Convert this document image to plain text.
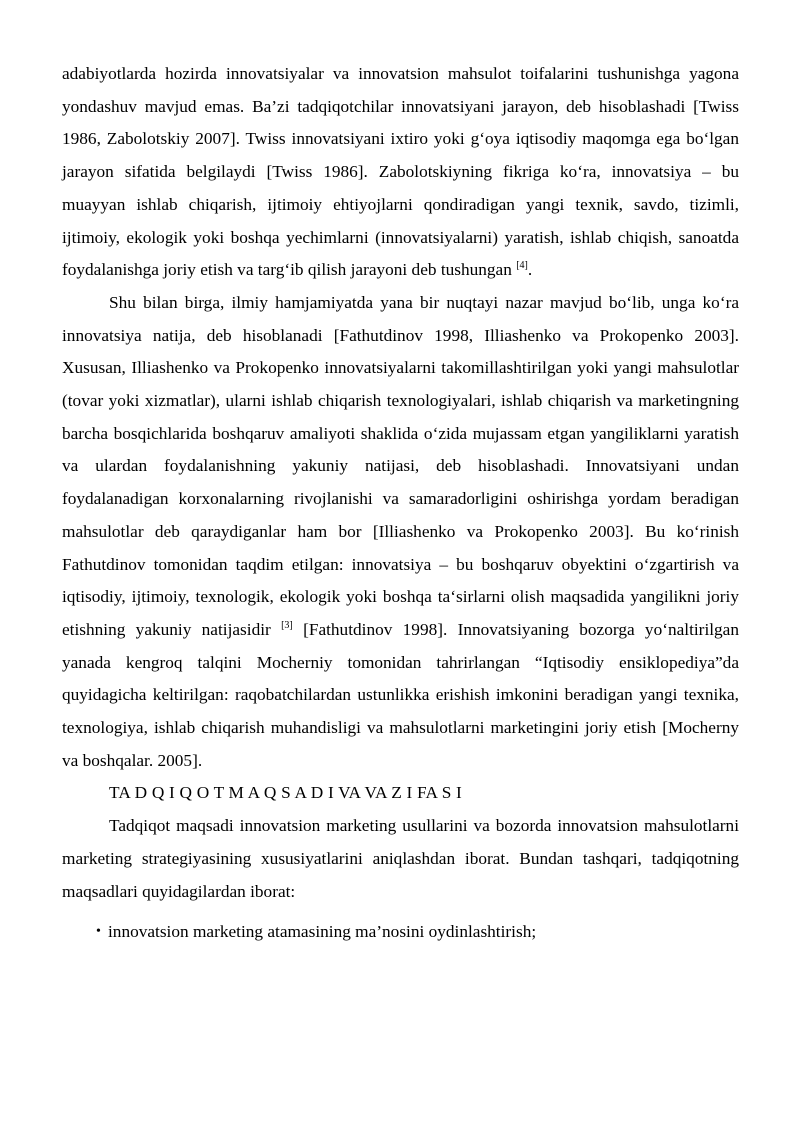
adabiyotlarda hozirda innovatsiyalar va innovatsion mahsulot toifalarini tushunishga yagona yondashuv mavjud emas. Ba’zi tadqiqotchilar innovatsiyani jarayon, deb hisoblashadi [Twiss 1986, Zabolotskiy 2007]. Twiss innovatsiyani ixtiro yoki g‘oya iqtisodiy maqomga ega bo‘lgan jarayon sifatida belgilaydi [Twiss 1986]. Zabolotskiyning fikriga ko‘ra, innovatsiya – bu muayyan ishlab chiqarish, ijtimoiy ehtiyojlarni qondiradigan yangi texnik, savdo, tizimli, ijtimoiy, ekologik yoki boshqa yechimlarni (innovatsiyalarni) yaratish, ishlab chiqish, sanoatda foydalanishga joriy etish va targ‘ib qilish jarayoni deb tushungan [4].

Shu bilan birga, ilmiy hamjamiyatda yana bir nuqtayi nazar mavjud bo‘lib, unga ko‘ra innovatsiya natija, deb hisoblanadi [Fathutdinov 1998, Illiashenko va Prokopenko 2003]. Xususan, Illiashenko va Prokopenko innovatsiyalarni takomillashtirilgan yoki yangi mahsulotlar (tovar yoki xizmatlar), ularni ishlab chiqarish texnologiyalari, ishlab chiqarish va marketingning barcha bosqichlarida boshqaruv amaliyoti shaklida o‘zida mujassam etgan yangiliklarni yaratish va ulardan foydalanishning yakuniy natijasi, deb hisoblashadi. Innovatsiyani undan foydalanadigan korxonalarning rivojlanishi va samaradorligini oshirishga yordam beradigan mahsulotlar deb qaraydiganlar ham bor [Illiashenko va Prokopenko 2003]. Bu ko‘rinish Fathutdinov tomonidan taqdim etilgan: innovatsiya – bu boshqaruv obyektini o‘zgartirish va iqtisodiy, ijtimoiy, texnologik, ekologik yoki boshqa ta‘sirlarni olish maqsadida yangilikni joriy etishning yakuniy natijasidir [3] [Fathutdinov 1998]. Innovatsiyaning bozorga yo‘naltirilgan yanada kengroq talqini Mocherniy tomonidan tahrirlangan “Iqtisodiy ensiklopediya”da quyidagicha keltirilgan: raqobatchilardan ustunlikka erishish imkonini beradigan yangi texnika, texnologiya, ishlab chiqarish muhandisligi va mahsulotlarni marketingini joriy etish [Mocherny va boshqalar. 2005].

TA D Q I Q O T M A Q S A D I VA VA Z I FA S I

Tadqiqot maqsadi innovatsion marketing usullarini va bozorda innovatsion mahsulotlarni marketing strategiyasining xususiyatlarini aniqlashdan iborat. Bundan tashqari, tadqiqotning maqsadlari quyidagilardan iborat:

• innovatsion marketing atamasining ma’nosini oydinlashtirish;
